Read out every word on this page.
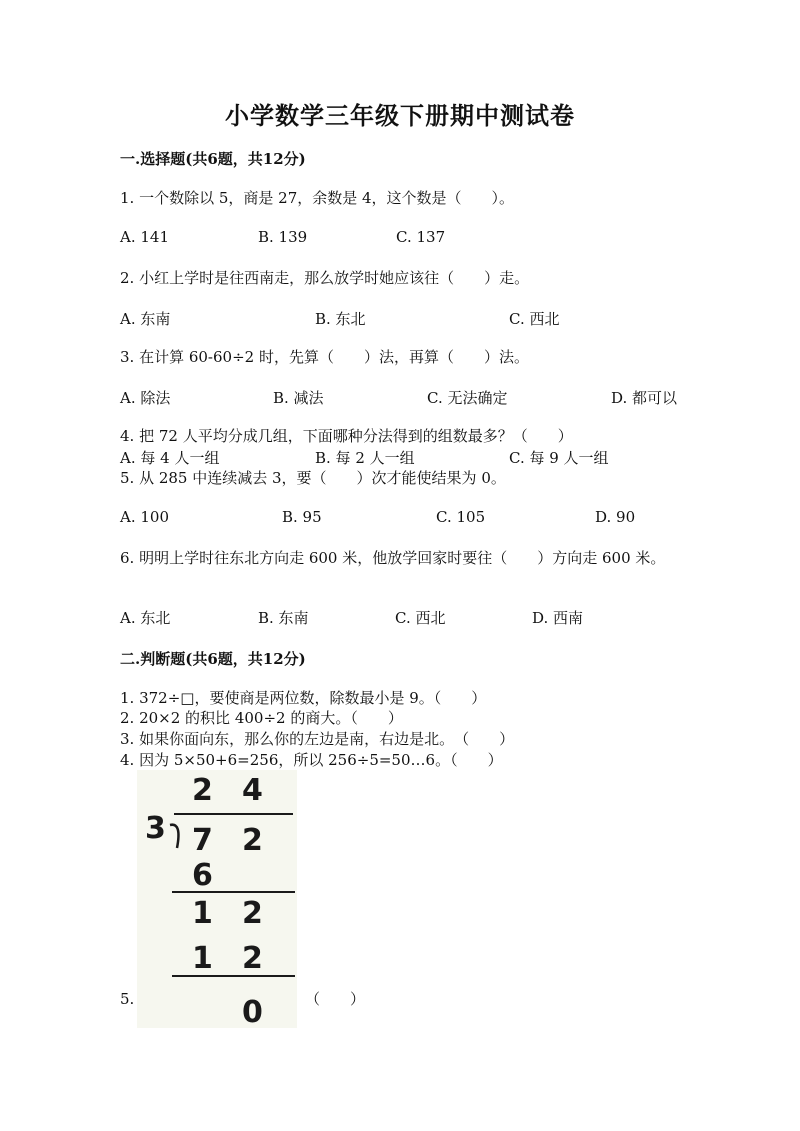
小学数学三年级下册期中测试卷
一.选择题(共6题，共12分)
1. 一个数除以 5，商是 27，余数是 4，这个数是（　　）。
A. 141	B. 139	C. 137
2. 小红上学时是往西南走，那么放学时她应该往（　　）走。
A. 东南	B. 东北	C. 西北
3. 在计算 60-60÷2 时，先算（　　）法，再算（　　）法。
A. 除法	B. 减法	C. 无法确定	D. 都可以
4. 把 72 人平均分成几组，下面哪种分法得到的组数最多？（　　）
A. 每 4 人一组	B. 每 2 人一组	C. 每 9 人一组
5. 从 285 中连续减去 3，要（　　）次才能使结果为 0。
A. 100	B. 95	C. 105	D. 90
6. 明明上学时往东北方向走 600 米，他放学回家时要往（　　）方向走 600 米。
A. 东北	B. 东南	C. 西北	D. 西南
二.判断题(共6题，共12分)
1. 372÷□，要使商是两位数，除数最小是 9。（　　）
2. 20×2 的积比 400÷2 的商大。（　　）
3. 如果你面向东，那么你的左边是南，右边是北。　（　　）
4. 因为 5×50+6=256，所以 256÷5=50…6。（　　）
5.
2 4
3 7 2
6
1 2
1 2
0	（　　）
